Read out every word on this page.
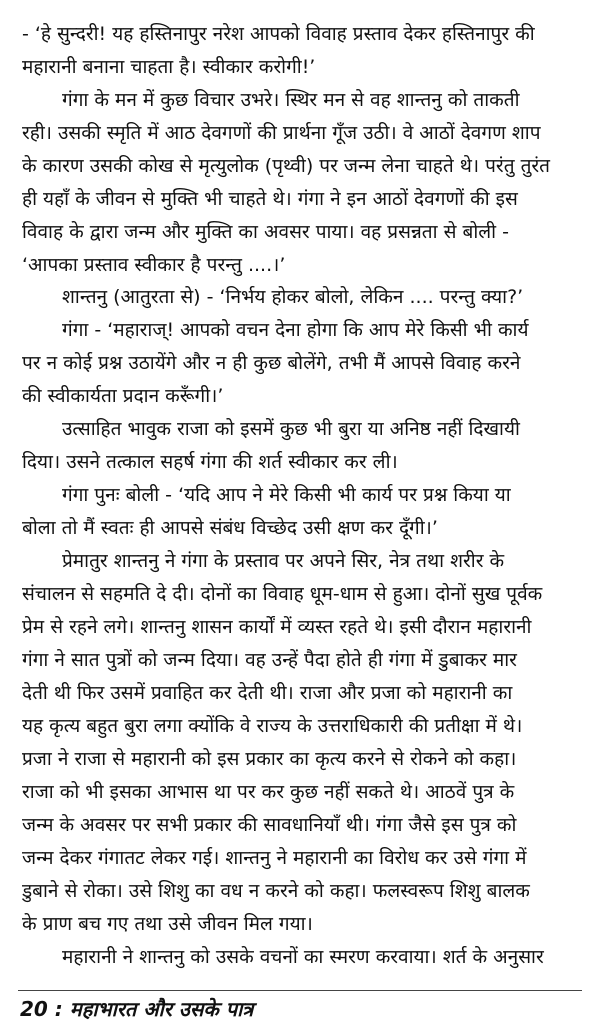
- ‘हे सुन्दरी! यह हस्तिनापुर नरेश आपको विवाह प्रस्ताव देकर हस्तिनापुर की
महारानी बनाना चाहता है। स्वीकार करोगी!’
गंगा के मन में कुछ विचार उभरे। स्थिर मन से वह शान्तनु को ताकती
रही। उसकी स्मृति में आठ देवगणों की प्रार्थना गूँज उठी। वे आठों देवगण शाप
के कारण उसकी कोख से मृत्युलोक (पृथ्वी) पर जन्म लेना चाहते थे। परंतु तुरंत
ही यहाँ के जीवन से मुक्ति भी चाहते थे। गंगा ने इन आठों देवगणों की इस
विवाह के द्वारा जन्म और मुक्ति का अवसर पाया। वह प्रसन्नता से बोली -
‘आपका प्रस्ताव स्वीकार है परन्तु ....।’
शान्तनु (आतुरता से) - ‘निर्भय होकर बोलो, लेकिन .... परन्तु क्या?’
गंगा - ‘महाराज्! आपको वचन देना होगा कि आप मेरे किसी भी कार्य
पर न कोई प्रश्न उठायेंगे और न ही कुछ बोलेंगे, तभी मैं आपसे विवाह करने
की स्वीकार्यता प्रदान करूँगी।’
उत्साहित भावुक राजा को इसमें कुछ भी बुरा या अनिष्ठ नहीं दिखायी
दिया। उसने तत्काल सहर्ष गंगा की शर्त स्वीकार कर ली।
गंगा पुनः बोली - ‘यदि आप ने मेरे किसी भी कार्य पर प्रश्न किया या
बोला तो मैं स्वतः ही आपसे संबंध विच्छेद उसी क्षण कर दूँगी।’
प्रेमातुर शान्तनु ने गंगा के प्रस्ताव पर अपने सिर, नेत्र तथा शरीर के
संचालन से सहमति दे दी। दोनों का विवाह धूम-धाम से हुआ। दोनों सुख पूर्वक
प्रेम से रहने लगे। शान्तनु शासन कार्यों में व्यस्त रहते थे। इसी दौरान महारानी
गंगा ने सात पुत्रों को जन्म दिया। वह उन्हें पैदा होते ही गंगा में डुबाकर मार
देती थी फिर उसमें प्रवाहित कर देती थी। राजा और प्रजा को महारानी का
यह कृत्य बहुत बुरा लगा क्योंकि वे राज्य के उत्तराधिकारी की प्रतीक्षा में थे।
प्रजा ने राजा से महारानी को इस प्रकार का कृत्य करने से रोकने को कहा।
राजा को भी इसका आभास था पर कर कुछ नहीं सकते थे। आठवें पुत्र के
जन्म के अवसर पर सभी प्रकार की सावधानियाँ थी। गंगा जैसे इस पुत्र को
जन्म देकर गंगातट लेकर गई। शान्तनु ने महारानी का विरोध कर उसे गंगा में
डुबाने से रोका। उसे शिशु का वध न करने को कहा। फलस्वरूप शिशु बालक
के प्राण बच गए तथा उसे जीवन मिल गया।
महारानी ने शान्तनु को उसके वचनों का स्मरण करवाया। शर्त के अनुसार
20 : महाभारत और उसके पात्र
